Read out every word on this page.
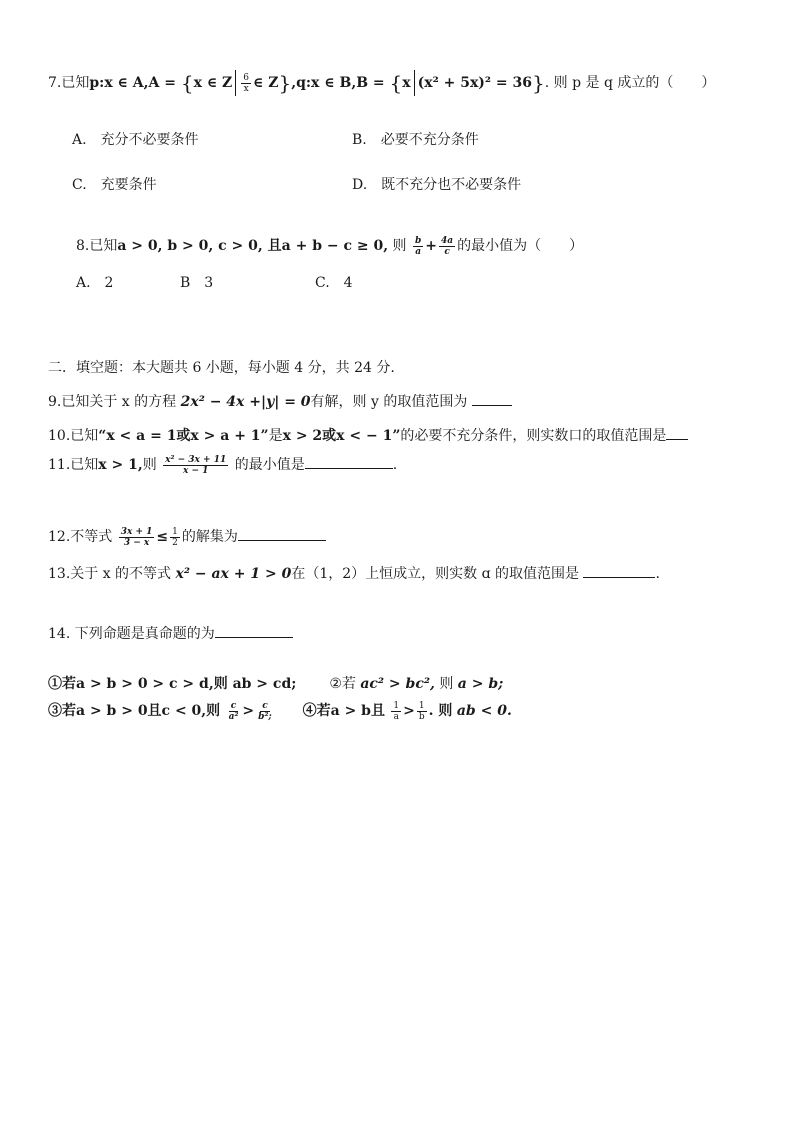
7.已知p:x ∈ A,A = {x ∈ Z $\frac{6}{x}$ ∈ Z},q:x ∈ B,B = {x (x² + 5x)² = 36}. 则 p 是 q 成立的（　　）
A.　充分不必要条件	B.　必要不充分条件
C.　充要条件	D.　既不充分也不必要条件
8.已知a > 0, b > 0, c > 0, 且a + b − c ≥ 0, 则 $\frac{b}{a} + \frac{4a}{c}$ 的最小值为（　　）
A.　2	B　3	C.　4
二．填空题：本大题共 6 小题，每小题 4 分，共 24 分.
9.已知关于 x 的方程 2x² − 4x +|y| = 0有解，则 y 的取值范围为
10.已知“x < a = 1或x > a + 1”是x > 2或x < − 1”的必要不充分条件，则实数口的取值范围是
11.已知x > 1,则 $\frac{\text{x² − 3x + 11}}{x - 1}$ 的最小值是	.
12.不等式 $\frac{3x + 1}{3 - x} \le \frac{1}{2}$ 的解集为
13.关于 x 的不等式 x² − ax + 1 > 0在（1，2）上恒成立，则实数 ɑ 的取值范围是	.
14. 下列命题是真命题的为
①若a > b > 0 > c > d,则 ab > cd; ②若 ac² > bc², 则 a > b;
③若a > b > 0且c < 0,则 $\frac{c}{\text{a²}} > \frac{c}{\text{b²;}}$ ④若a > b且 $\frac{1}{a} > \frac{1}{b}$ . 则 ab < 0.
